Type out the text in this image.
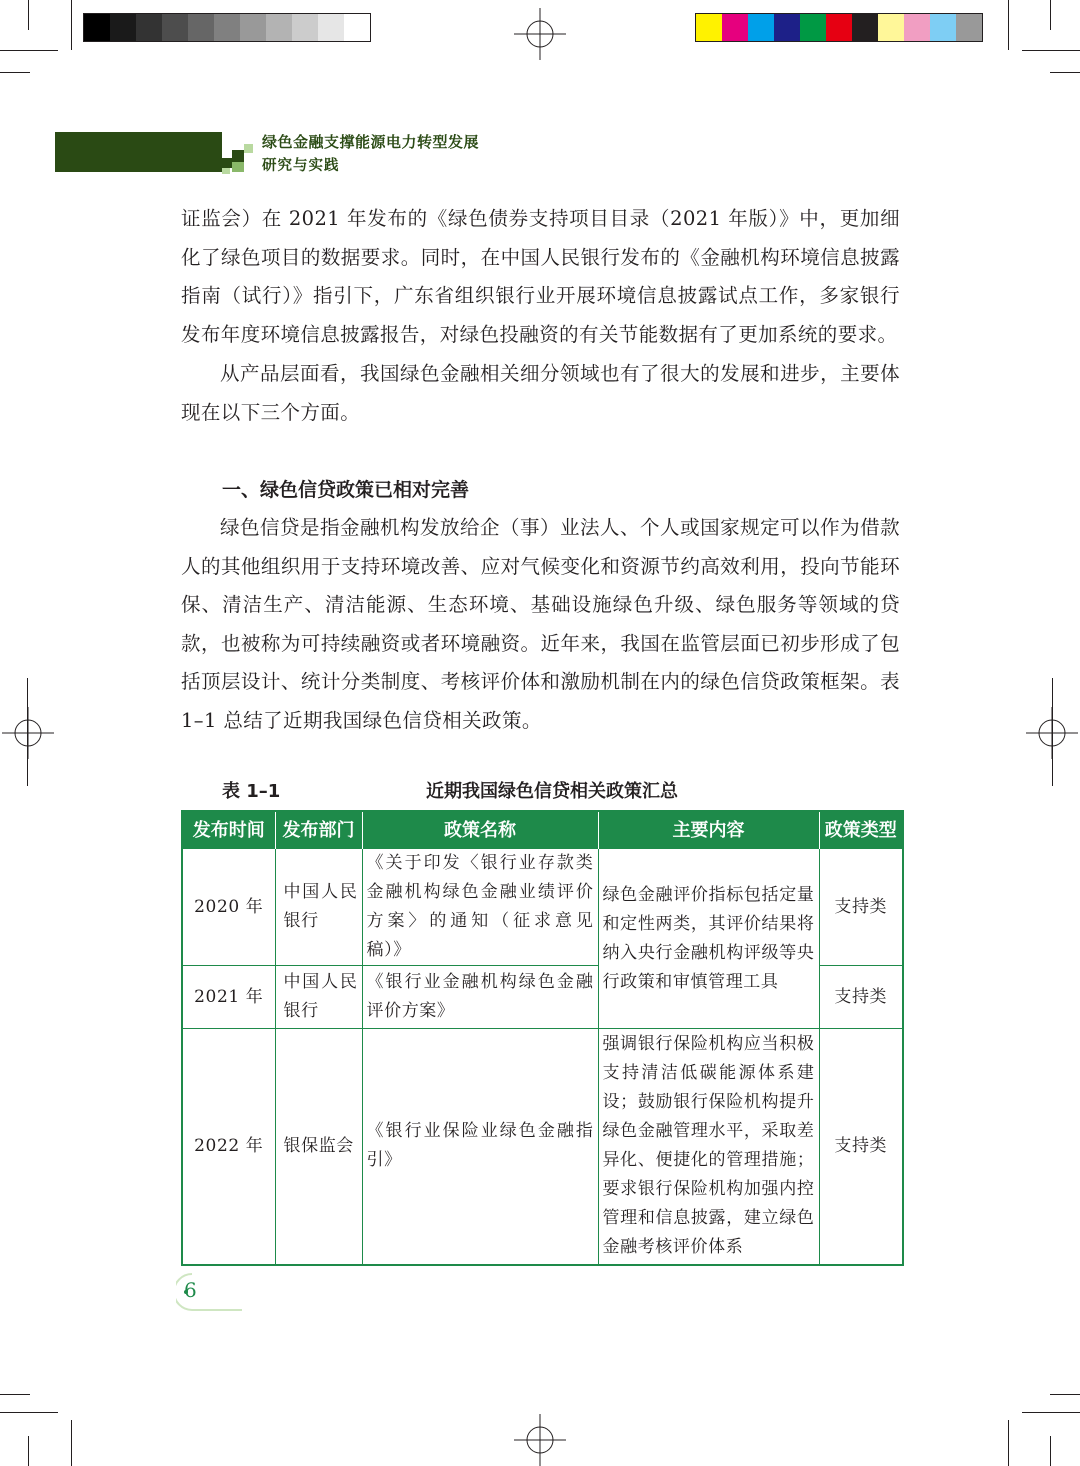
绿色金融支撑能源电力转型发展
研究与实践

证监会）在 2021 年发布的《绿色债券支持项目目录（2021 年版）》中，更加细化了绿色项目的数据要求。同时，在中国人民银行发布的《金融机构环境信息披露指南（试行）》指引下，广东省组织银行业开展环境信息披露试点工作，多家银行发布年度环境信息披露报告，对绿色投融资的有关节能数据有了更加系统的要求。

从产品层面看，我国绿色金融相关细分领域也有了很大的发展和进步，主要体现在以下三个方面。

一、绿色信贷政策已相对完善

绿色信贷是指金融机构发放给企（事）业法人、个人或国家规定可以作为借款人的其他组织用于支持环境改善、应对气候变化和资源节约高效利用，投向节能环保、清洁生产、清洁能源、生态环境、基础设施绿色升级、绿色服务等领域的贷款，也被称为可持续融资或者环境融资。近年来，我国在监管层面已初步形成了包括顶层设计、统计分类制度、考核评价体和激励机制在内的绿色信贷政策框架。表 1–1 总结了近期我国绿色信贷相关政策。

表 1–1	近期我国绿色信贷相关政策汇总
发布时间	发布部门	政策名称	主要内容	政策类型
2020 年	中国人民银行	《关于印发〈银行业存款类金融机构绿色金融业绩评价方案〉的通知（征求意见稿）》	绿色金融评价指标包括定量和定性两类，其评价结果将纳入央行金融机构评级等央行政策和审慎管理工具	支持类
2021 年	中国人民银行	《银行业金融机构绿色金融评价方案》		支持类
2022 年	银保监会	《银行业保险业绿色金融指引》	强调银行保险机构应当积极支持清洁低碳能源体系建设；鼓励银行保险机构提升绿色金融管理水平，采取差异化、便捷化的管理措施；要求银行保险机构加强内控管理和信息披露，建立绿色金融考核评价体系	支持类
6
